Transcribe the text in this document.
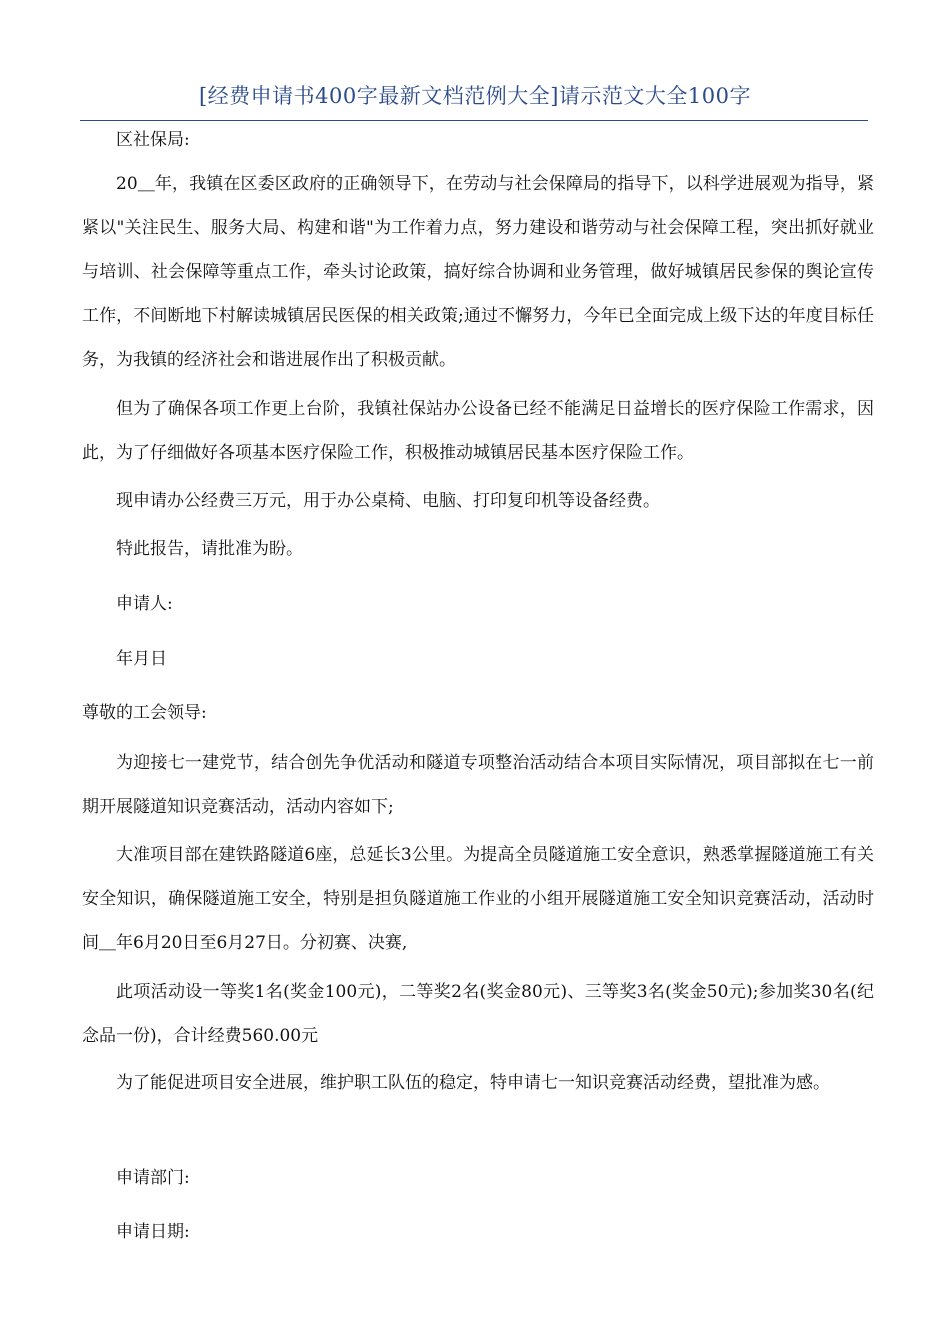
[经费申请书400字最新文档范例大全]请示范文大全100字

区社保局:

20＿年，我镇在区委区政府的正确领导下，在劳动与社会保障局的指导下，以科学进展观为指导，紧紧以"关注民生、服务大局、构建和谐"为工作着力点，努力建设和谐劳动与社会保障工程，突出抓好就业与培训、社会保障等重点工作，牵头讨论政策，搞好综合协调和业务管理，做好城镇居民参保的舆论宣传工作，不间断地下村解读城镇居民医保的相关政策;通过不懈努力，今年已全面完成上级下达的年度目标任务，为我镇的经济社会和谐进展作出了积极贡献。

但为了确保各项工作更上台阶，我镇社保站办公设备已经不能满足日益增长的医疗保险工作需求，因此，为了仔细做好各项基本医疗保险工作，积极推动城镇居民基本医疗保险工作。

现申请办公经费三万元，用于办公桌椅、电脑、打印复印机等设备经费。

特此报告，请批准为盼。

申请人:

年月日

尊敬的工会领导:

为迎接七一建党节，结合创先争优活动和隧道专项整治活动结合本项目实际情况，项目部拟在七一前期开展隧道知识竞赛活动，活动内容如下;

大准项目部在建铁路隧道6座，总延长3公里。为提高全员隧道施工安全意识，熟悉掌握隧道施工有关安全知识，确保隧道施工安全，特别是担负隧道施工作业的小组开展隧道施工安全知识竞赛活动，活动时间＿年6月20日至6月27日。分初赛、决赛,

此项活动设一等奖1名(奖金100元)，二等奖2名(奖金80元)、三等奖3名(奖金50元);参加奖30名(纪念品一份)，合计经费560.00元

为了能促进项目安全进展，维护职工队伍的稳定，特申请七一知识竞赛活动经费，望批准为感。

申请部门:

申请日期:
